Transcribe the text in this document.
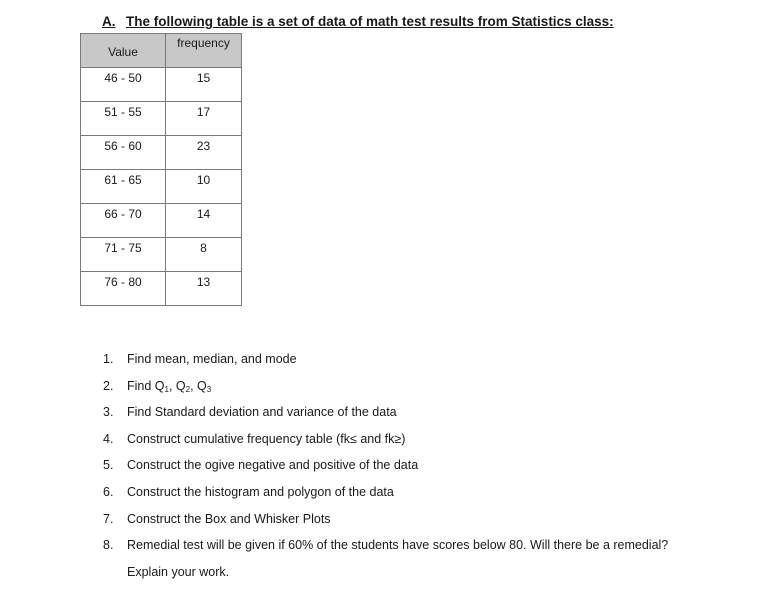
A. The following table is a set of data of math test results from Statistics class:
Value	frequency

46 - 50	15

51 - 55	17

56 - 60	23

61 - 65	10

66 - 70	14

71 - 75	8

76 - 80	13
1.	Find mean, median, and mode
2.	Find $Q_1$, $Q_2$, $Q_3$
3.	Find Standard deviation and variance of the data
4.	Construct cumulative frequency table (fk≤ and fk≥)
5.	Construct the ogive negative and positive of the data
6.	Construct the histogram and polygon of the data
7.	Construct the Box and Whisker Plots
8.	Remedial test will be given if 60% of the students have scores below 80. Will there be a remedial? Explain your work.
